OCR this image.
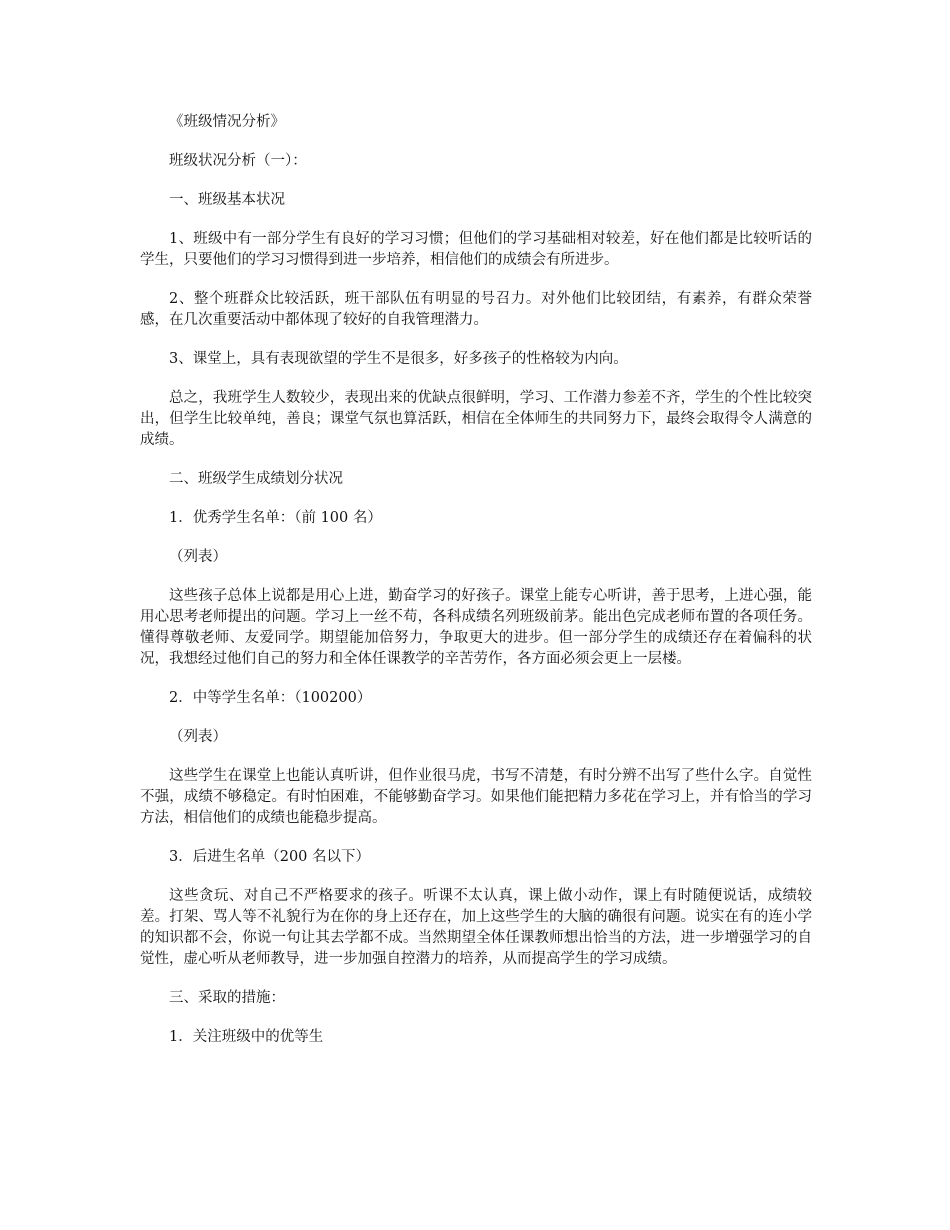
《班级情况分析》

班级状况分析（一）：

一、班级基本状况

1、班级中有一部分学生有良好的学习习惯；但他们的学习基础相对较差，好在他们都是比较听话的学生，只要他们的学习习惯得到进一步培养，相信他们的成绩会有所进步。

2、整个班群众比较活跃，班干部队伍有明显的号召力。对外他们比较团结，有素养，有群众荣誉感，在几次重要活动中都体现了较好的自我管理潜力。

3、课堂上，具有表现欲望的学生不是很多，好多孩子的性格较为内向。

总之，我班学生人数较少，表现出来的优缺点很鲜明，学习、工作潜力参差不齐，学生的个性比较突出，但学生比较单纯，善良；课堂气氛也算活跃，相信在全体师生的共同努力下，最终会取得令人满意的成绩。

二、班级学生成绩划分状况

1．优秀学生名单：（前 100 名）

（列表）

这些孩子总体上说都是用心上进，勤奋学习的好孩子。课堂上能专心听讲，善于思考，上进心强，能用心思考老师提出的问题。学习上一丝不苟，各科成绩名列班级前茅。能出色完成老师布置的各项任务。懂得尊敬老师、友爱同学。期望能加倍努力，争取更大的进步。但一部分学生的成绩还存在着偏科的状况，我想经过他们自己的努力和全体任课教学的辛苦劳作，各方面必须会更上一层楼。

2．中等学生名单：（100200）

（列表）

这些学生在课堂上也能认真听讲，但作业很马虎，书写不清楚，有时分辨不出写了些什么字。自觉性不强，成绩不够稳定。有时怕困难，不能够勤奋学习。如果他们能把精力多花在学习上，并有恰当的学习方法，相信他们的成绩也能稳步提高。

3．后进生名单（200 名以下）

这些贪玩、对自己不严格要求的孩子。听课不太认真，课上做小动作，课上有时随便说话，成绩较差。打架、骂人等不礼貌行为在你的身上还存在，加上这些学生的大脑的确很有问题。说实在有的连小学的知识都不会，你说一句让其去学都不成。当然期望全体任课教师想出恰当的方法，进一步增强学习的自觉性，虚心听从老师教导，进一步加强自控潜力的培养，从而提高学生的学习成绩。

三、采取的措施：

1．关注班级中的优等生
